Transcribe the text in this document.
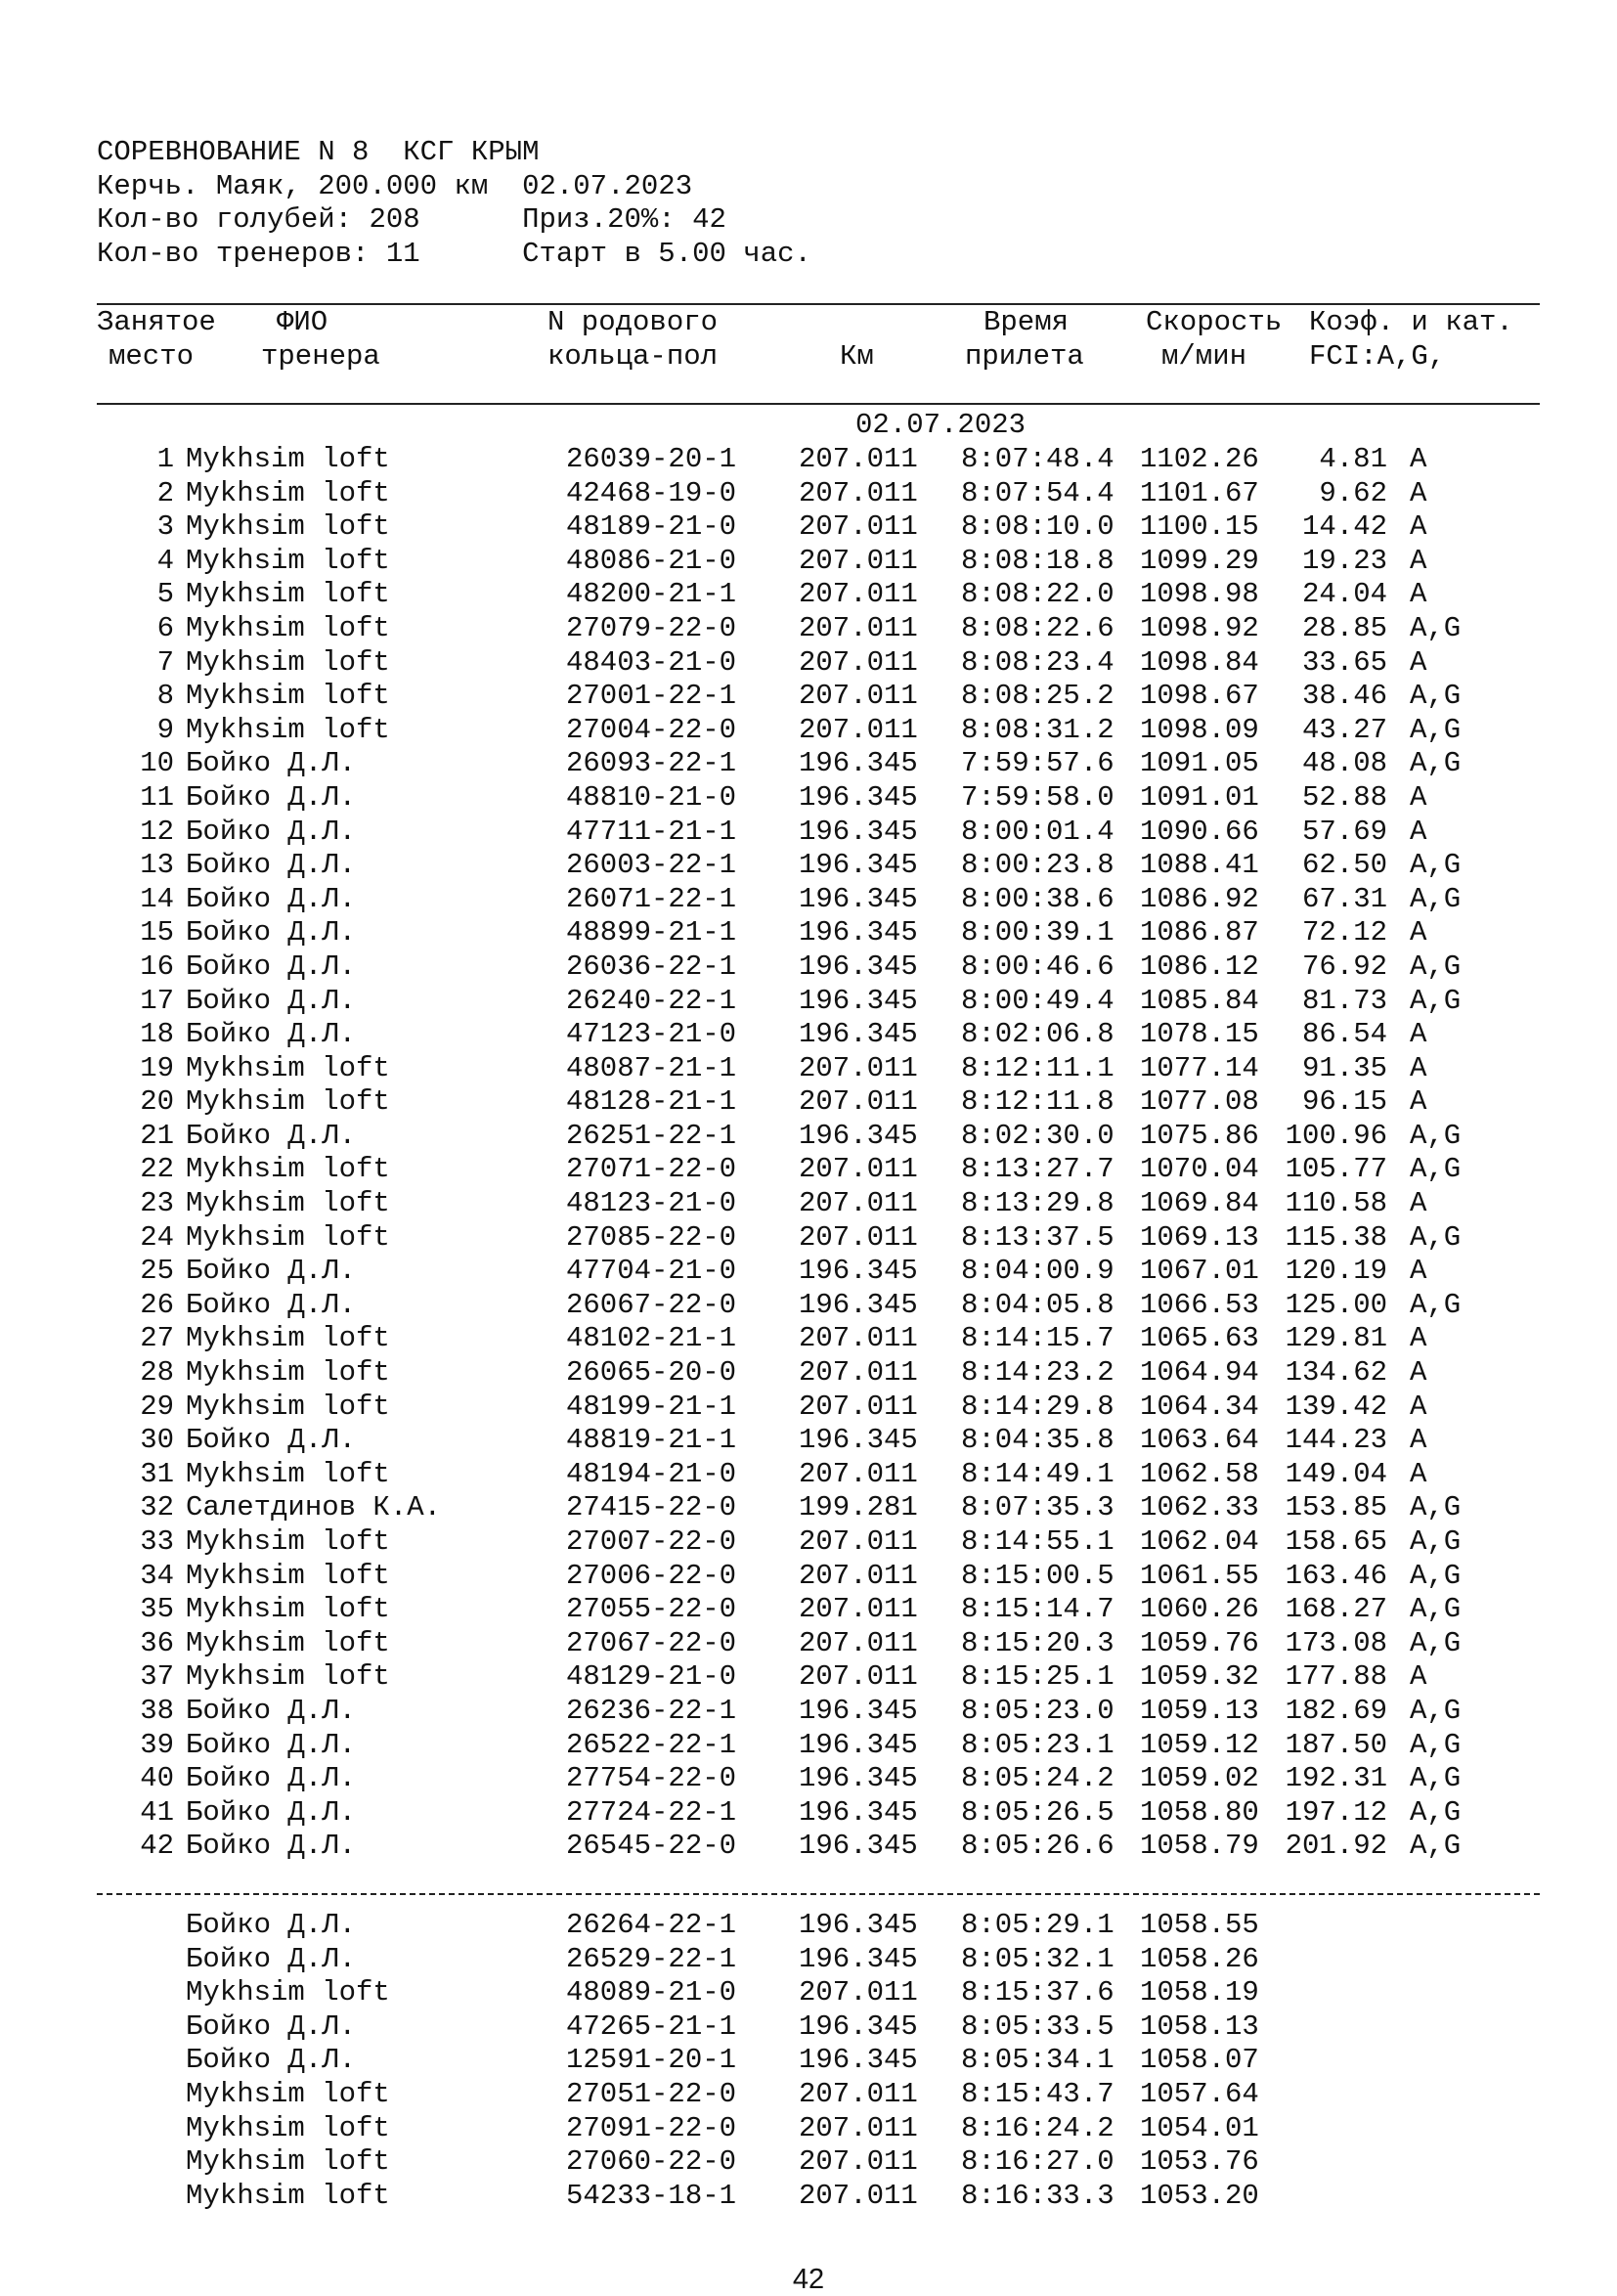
СОРЕВНОВАНИЕ N 8  КСГ КРЫМ
Керчь. Маяк, 200.000 км  02.07.2023
Кол-во голубей: 208      Приз.20%: 42
Кол-во тренеров: 11      Старт в 5.00 час.
Занятое
место
ФИО
тренера
N родового
кольца-пол	Км
Время
прилета
Скорость
м/мин
Коэф. и кат.
FCI:A,G,
02.07.2023
1 Mykhsim loft	26039-20-1 207.011 8:07:48.4 1102.26	4.81 A
2 Mykhsim loft	42468-19-0 207.011 8:07:54.4 1101.67	9.62 A
3 Mykhsim loft	48189-21-0 207.011 8:08:10.0 1100.15	14.42 A
4 Mykhsim loft	48086-21-0 207.011 8:08:18.8 1099.29	19.23 A
5 Mykhsim loft	48200-21-1 207.011 8:08:22.0 1098.98	24.04 A
6 Mykhsim loft	27079-22-0 207.011 8:08:22.6 1098.92	28.85 A,G
7 Mykhsim loft	48403-21-0 207.011 8:08:23.4 1098.84	33.65 A
8 Mykhsim loft	27001-22-1 207.011 8:08:25.2 1098.67	38.46 A,G
9 Mykhsim loft	27004-22-0 207.011 8:08:31.2 1098.09	43.27 A,G
10 Бойко Д.Л.	26093-22-1 196.345 7:59:57.6 1091.05	48.08 A,G
11 Бойко Д.Л.	48810-21-0 196.345 7:59:58.0 1091.01	52.88 A
12 Бойко Д.Л.	47711-21-1 196.345 8:00:01.4 1090.66	57.69 A
13 Бойко Д.Л.	26003-22-1 196.345 8:00:23.8 1088.41	62.50 A,G
14 Бойко Д.Л.	26071-22-1 196.345 8:00:38.6 1086.92	67.31 A,G
15 Бойко Д.Л.	48899-21-1 196.345 8:00:39.1 1086.87	72.12 A
16 Бойко Д.Л.	26036-22-1 196.345 8:00:46.6 1086.12	76.92 A,G
17 Бойко Д.Л.	26240-22-1 196.345 8:00:49.4 1085.84	81.73 A,G
18 Бойко Д.Л.	47123-21-0 196.345 8:02:06.8 1078.15	86.54 A
19 Mykhsim loft	48087-21-1 207.011 8:12:11.1 1077.14	91.35 A
20 Mykhsim loft	48128-21-1 207.011 8:12:11.8 1077.08	96.15 A
21 Бойко Д.Л.	26251-22-1 196.345 8:02:30.0 1075.86 100.96 A,G
22 Mykhsim loft	27071-22-0 207.011 8:13:27.7 1070.04 105.77 A,G
23 Mykhsim loft	48123-21-0 207.011 8:13:29.8 1069.84 110.58 A
24 Mykhsim loft	27085-22-0 207.011 8:13:37.5 1069.13 115.38 A,G
25 Бойко Д.Л.	47704-21-0 196.345 8:04:00.9 1067.01 120.19 A
26 Бойко Д.Л.	26067-22-0 196.345 8:04:05.8 1066.53 125.00 A,G
27 Mykhsim loft	48102-21-1 207.011 8:14:15.7 1065.63 129.81 A
28 Mykhsim loft	26065-20-0 207.011 8:14:23.2 1064.94 134.62 A
29 Mykhsim loft	48199-21-1 207.011 8:14:29.8 1064.34 139.42 A
30 Бойко Д.Л.	48819-21-1 196.345 8:04:35.8 1063.64 144.23 A
31 Mykhsim loft	48194-21-0 207.011 8:14:49.1 1062.58 149.04 A
32 Салетдинов К.А.	27415-22-0 199.281 8:07:35.3 1062.33 153.85 A,G
33 Mykhsim loft	27007-22-0 207.011 8:14:55.1 1062.04 158.65 A,G
34 Mykhsim loft	27006-22-0 207.011 8:15:00.5 1061.55 163.46 A,G
35 Mykhsim loft	27055-22-0 207.011 8:15:14.7 1060.26 168.27 A,G
36 Mykhsim loft	27067-22-0 207.011 8:15:20.3 1059.76 173.08 A,G
37 Mykhsim loft	48129-21-0 207.011 8:15:25.1 1059.32 177.88 A
38 Бойко Д.Л.	26236-22-1 196.345 8:05:23.0 1059.13 182.69 A,G
39 Бойко Д.Л.	26522-22-1 196.345 8:05:23.1 1059.12 187.50 A,G
40 Бойко Д.Л.	27754-22-0 196.345 8:05:24.2 1059.02 192.31 A,G
41 Бойко Д.Л.	27724-22-1 196.345 8:05:26.5 1058.80 197.12 A,G
42 Бойко Д.Л.	26545-22-0 196.345 8:05:26.6 1058.79 201.92 A,G
Бойко Д.Л.	26264-22-1 196.345 8:05:29.1 1058.55
Бойко Д.Л.	26529-22-1 196.345 8:05:32.1 1058.26
Mykhsim loft	48089-21-0 207.011 8:15:37.6 1058.19
Бойко Д.Л.	47265-21-1 196.345 8:05:33.5 1058.13
Бойко Д.Л.	12591-20-1 196.345 8:05:34.1 1058.07
Mykhsim loft	27051-22-0 207.011 8:15:43.7 1057.64
Mykhsim loft	27091-22-0 207.011 8:16:24.2 1054.01
Mykhsim loft	27060-22-0 207.011 8:16:27.0 1053.76
Mykhsim loft	54233-18-1 207.011 8:16:33.3 1053.20
42
